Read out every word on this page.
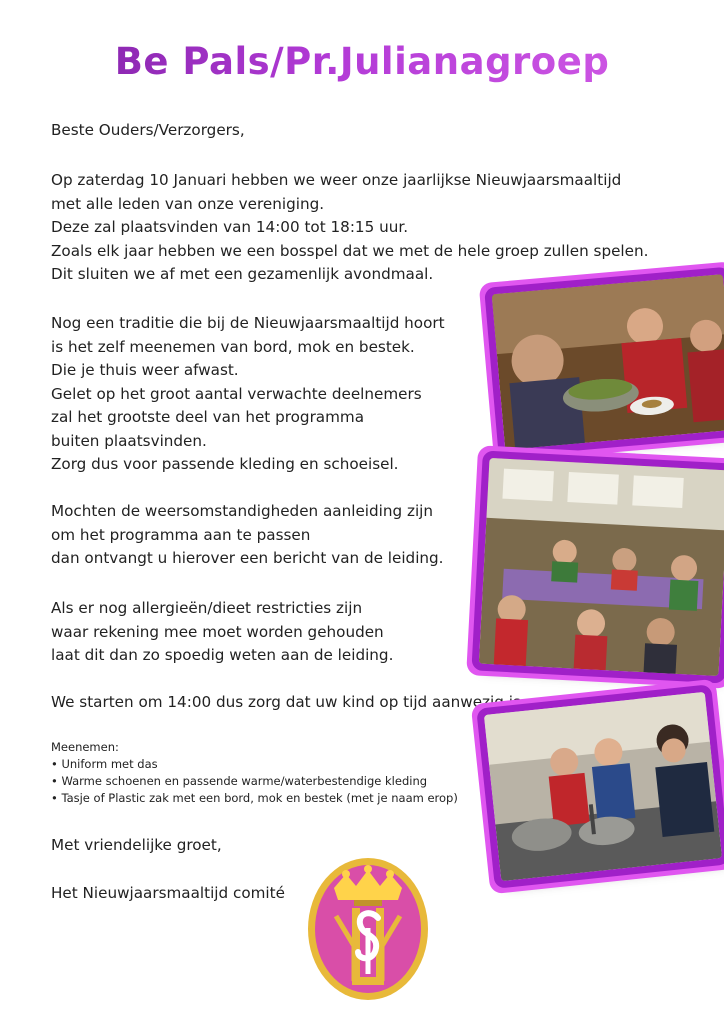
Be Pals/Pr.Julianagroep
Beste Ouders/Verzorgers,
Op zaterdag 10 Januari hebben we weer onze jaarlijkse Nieuwjaarsmaaltijd
met alle leden van onze vereniging.
Deze zal plaatsvinden van 14:00 tot 18:15 uur.
Zoals elk jaar hebben we een bosspel dat we met de hele groep zullen spelen.
Dit sluiten we af met een gezamenlijk avondmaal.
Nog een traditie die bij de Nieuwjaarsmaaltijd hoort
is het zelf meenemen van bord, mok en bestek.
Die je thuis weer afwast.
Gelet op het groot aantal verwachte deelnemers
zal het grootste deel van het programma
buiten plaatsvinden.
Zorg dus voor passende kleding en schoeisel.
Mochten de weersomstandigheden aanleiding zijn
om het programma aan te passen
dan ontvangt u hierover een bericht van de leiding.
Als er nog allergieën/dieet restricties zijn
waar rekening mee moet worden gehouden
laat dit dan zo spoedig weten aan de leiding.
We starten om 14:00 dus zorg dat uw kind op tijd aanwezig is.
Meenemen:
• Uniform met das
• Warme schoenen en passende warme/waterbestendige kleding
• Tasje of Plastic zak met een bord, mok en bestek (met je naam erop)
Met vriendelijke groet,
Het Nieuwjaarsmaaltijd comité
